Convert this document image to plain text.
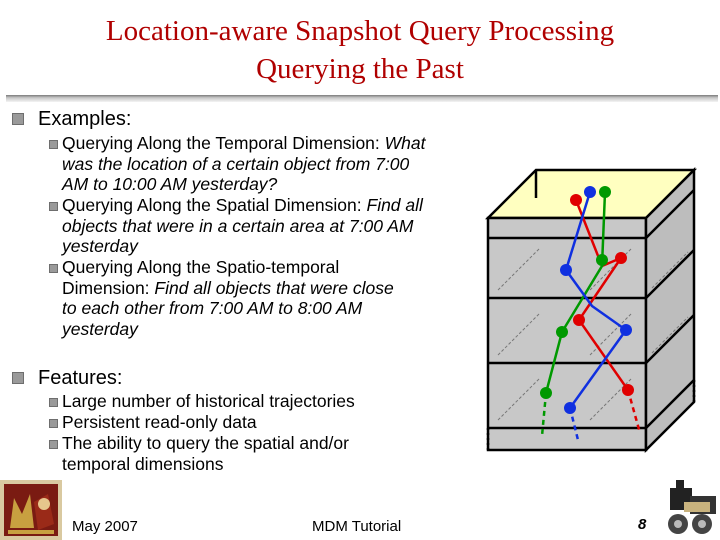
Location-aware Snapshot Query Processing
Querying the Past
Examples:
Querying Along the Temporal Dimension: What was the location of a certain object from 7:00 AM to 10:00 AM yesterday?
Querying Along the Spatial Dimension: Find all objects that were in a certain area at 7:00 AM yesterday
Querying Along the Spatio-temporal Dimension: Find all objects that were close to each other from 7:00 AM to 8:00 AM yesterday
Features:
Large number of historical trajectories
Persistent read-only data
The ability to query the spatial and/or temporal dimensions
May 2007	MDM Tutorial	8
